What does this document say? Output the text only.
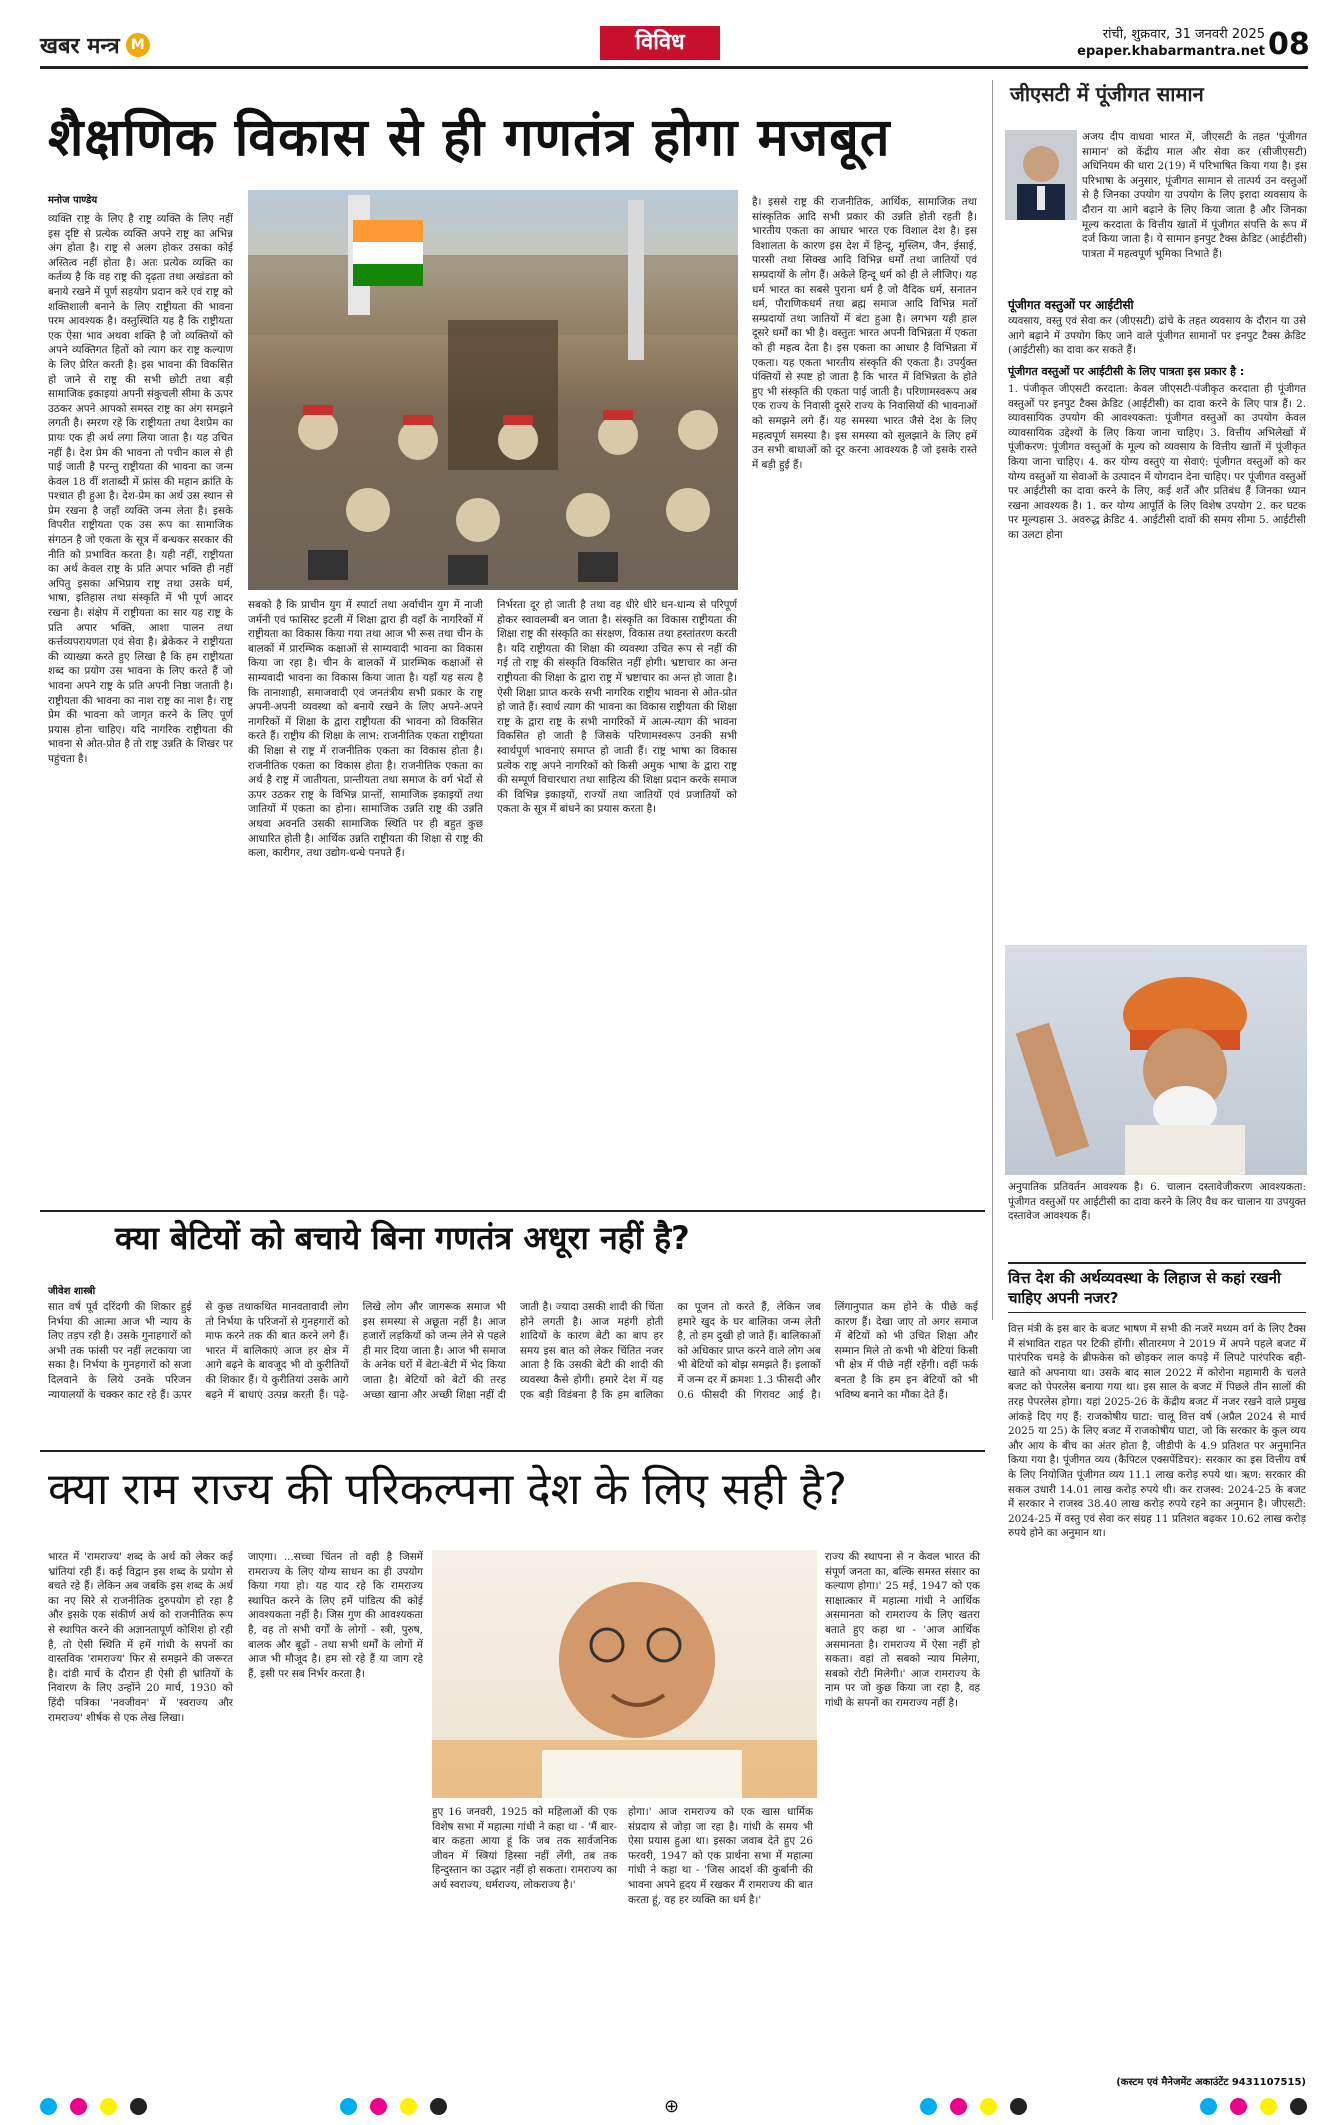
खबर मन्त्र M	विविध	रांची, शुक्रवार, 31 जनवरी 2025
epaper.khabarmantra.net 08
शैक्षणिक विकास से ही गणतंत्र होगा मजबूत
मनोज पाण्डेय
व्यक्ति राष्ट्र के लिए है राष्ट्र व्यक्ति के लिए नहीं इस दृष्टि से प्रत्येक व्यक्ति अपने राष्ट्र का अभिन्न अंग होता है। राष्ट्र से अलग होकर उसका कोई अस्तित्व नहीं होता है। अतः प्रत्येक व्यक्ति का कर्तव्य है कि वह राष्ट्र की दृढ़ता तथा अखंडता को बनाये रखने में पूर्ण सहयोग प्रदान करे एवं राष्ट्र को शक्तिशाली बनाने के लिए राष्ट्रीयता की भावना परम आवश्यक है। वस्तुस्थिति यह है कि राष्ट्रीयता एक ऐसा भाव अथवा शक्ति है जो व्यक्तियों को अपने व्यक्तिगत हितों को त्याग कर राष्ट्र कल्याण के लिए प्रेरित करती है। इस भावना की विकसित हो जाने से राष्ट्र की सभी छोटी तथा बड़ी सामाजिक इकाइयां अपनी संकुचली सीमा के ऊपर उठकर अपने आपको समस्त राष्ट्र का अंग समझने लगती है। स्मरण रहे कि राष्ट्रीयता तथा देशप्रेम का प्रायः एक ही अर्थ लगा लिया जाता है। यह उचित नहीं है। देश प्रेम की भावना तो पचीन काल से ही पाई जाती है परन्तु राष्ट्रीयता की भावना का जन्म केवल 18 वीं शताब्दी में फ्रांस की महान क्रांति के पश्चात ही हुआ है। देश-प्रेम का अर्थ उस स्थान से प्रेम रखना है जहाँ व्यक्ति जन्म लेता है। इसके विपरीत राष्ट्रीयता एक उस रूप का सामाजिक संगठन है जो एकता के सूत्र में बन्धकर सरकार की नीति को प्रभावित करता है। यही नहीं, राष्ट्रीयता का अर्थ केवल राष्ट्र के प्रति अपार भक्ति ही नहीं अपितु इसका अभिप्राय राष्ट्र तथा उसके धर्म, भाषा, इतिहास तथा संस्कृति में भी पूर्ण आदर रखना है। संक्षेप में राष्ट्रीयता का सार यह राष्ट्र के प्रति अपार भक्ति, आशा पालन तथा कर्त्तव्यपरायणता एवं सेवा है। ब्रेकेकर ने राष्ट्रीयता की व्याख्या करते हुए लिखा है कि हम राष्ट्रीयता शब्द का प्रयोग उस भावना के लिए करते हैं जो भावना अपने राष्ट्र के प्रति अपनी निष्ठा जताती है। राष्ट्रीयता की भावना का नाश राष्ट्र का नाश है। राष्ट्र प्रेम की भावना को जागृत करने के लिए पूर्ण प्रयास होना चाहिए। यदि नागरिक राष्ट्रीयता की भावना से ओत-प्रोत है तो राष्ट्र उन्नति के शिखर पर पहुंचता है।
सबको है कि प्राचीन युग में स्पार्टा तथा अर्वाचीन युग में नाजी जर्मनी एवं फासिस्ट इटली में शिक्षा द्वारा ही वहाँ के नागरिकों में राष्ट्रीयता का विकास किया गया तथा आज भी रूस तथा चीन के बालकों में प्रारम्भिक कक्षाओं से साम्यवादी भावना का विकास किया जा रहा है। चीन के बालकों में प्रारम्भिक कक्षाओं से साम्यवादी भावना का विकास किया जाता है। यहाँ यह सत्य है कि तानाशाही, समाजवादी एवं जनतंत्रीय सभी प्रकार के राष्ट्र अपनी-अपनी व्यवस्था को बनाये रखने के लिए अपने-अपने नागरिकों में शिक्षा के द्वारा राष्ट्रीयता की भावना को विकसित करते हैं। राष्ट्रीय की शिक्षा के लाभ: राजनीतिक एकता राष्ट्रीयता की शिक्षा से राष्ट्र में राजनीतिक एकता का विकास होता है। राजनीतिक एकता का विकास होता है। राजनीतिक एकता का अर्थ है राष्ट्र में जातीयता, प्रान्तीयता तथा समाज के वर्ग भेदों से ऊपर उठकर राष्ट्र के विभिन्न प्रान्तों, सामाजिक इकाइयों तथा जातियों में एकता का होना। सामाजिक उन्नति राष्ट्र की उन्नति अथवा अवनति उसकी सामाजिक स्थिति पर ही बहुत कुछ आधारित होती है। आर्थिक उन्नति राष्ट्रीयता की शिक्षा से राष्ट्र की कला, कारीगर, तथा उद्योग-धन्धे पनपते हैं।
निर्भरता दूर हो जाती है तथा वह धीरे धीरे धन-धान्य से परिपूर्ण होकर स्वावलम्बी बन जाता है। संस्कृति का विकास राष्ट्रीयता की शिक्षा राष्ट्र की संस्कृति का संरक्षण, विकास तथा हस्तांतरण करती है। यदि राष्ट्रीयता की शिक्षा की व्यवस्था उचित रूप से नहीं की गई तो राष्ट्र की संस्कृति विकसित नहीं होगी। भ्रष्टाचार का अन्त राष्ट्रीयता की शिक्षा के द्वारा राष्ट्र में भ्रष्टाचार का अन्त हो जाता है। ऐसी शिक्षा प्राप्त करके सभी नागरिक राष्ट्रीय भावना से ओत-प्रोत हो जाते हैं। स्वार्थ त्याग की भावना का विकास राष्ट्रीयता की शिक्षा राष्ट्र के द्वारा राष्ट्र के सभी नागरिकों में आत्म-त्याग की भावना विकसित हो जाती है जिसके परिणामस्वरूप उनकी सभी स्वार्थपूर्ण भावनाएं समाप्त हो जाती हैं। राष्ट्र भाषा का विकास प्रत्येक राष्ट्र अपने नागरिकों को किसी अमुक भाषा के द्वारा राष्ट्र की सम्पूर्ण विचारधारा तथा साहित्य की शिक्षा प्रदान करके समाज की विभिन्न इकाइयों, राज्यों तथा जातियों एवं प्रजातियों को एकता के सूत्र में बांधने का प्रयास करता है।
है। इससे राष्ट्र की राजनीतिक, आर्थिक, सामाजिक तथा सांस्कृतिक आदि सभी प्रकार की उन्नति होती रहती है। भारतीय एकता का आधार भारत एक विशाल देश है। इस विशालता के कारण इस देश में हिन्दू, मुस्लिम, जैन, ईसाई, पारसी तथा सिक्ख आदि विभिन्न धर्मों तथा जातियों एवं सम्प्रदायों के लोग हैं। अकेले हिन्दू धर्म को ही ले लीजिए। यह धर्म भारत का सबसे पुराना धर्म है जो वैदिक धर्म, सनातन धर्म, पौराणिकधर्म तथा ब्रह्म समाज आदि विभिन्न मतों सम्प्रदायों तथा जातियों में बंटा हुआ है। लगभग यही हाल दूसरे धर्मों का भी है। वस्तुतः भारत अपनी विभिन्नता में एकता को ही महत्व देता है। इस एकता का आधार है विभिन्नता में एकता। यह एकता भारतीय संस्कृति की एकता है। उपर्युक्त पंक्तियों से स्पष्ट हो जाता है कि भारत में विभिन्नता के होते हुए भी संस्कृति की एकता पाई जाती है। परिणामस्वरूप अब एक राज्य के निवासी दूसरे राज्य के निवासियों की भावनाओं को समझने लगे हैं। यह समस्या भारत जैसे देश के लिए महत्वपूर्ण समस्या है। इस समस्या को सुलझाने के लिए हमें उन सभी बाधाओं को दूर करना आवश्यक है जो इसके रास्ते में बड़ी हुई हैं।
जीएसटी में पूंजीगत सामान
अजय दीप वाधवा भारत में, जीएसटी के तहत 'पूंजीगत सामान' को केंद्रीय माल और सेवा कर (सीजीएसटी) अधिनियम की धारा 2(19) में परिभाषित किया गया है। इस परिभाषा के अनुसार, पूंजीगत सामान से तात्पर्य उन वस्तुओं से है जिनका उपयोग या उपयोग के लिए इरादा व्यवसाय के दौरान या आगे बढ़ाने के लिए किया जाता है और जिनका मूल्य करदाता के वित्तीय खातों में पूंजीगत संपत्ति के रूप में दर्ज किया जाता है। ये सामान इनपुट टैक्स क्रेडिट (आईटीसी) पात्रता में महत्वपूर्ण भूमिका निभाते हैं।
पूंजीगत वस्तुओं पर आईटीसी
व्यवसाय, वस्तु एवं सेवा कर (जीएसटी) ढांचे के तहत व्यवसाय के दौरान या उसे आगे बढ़ाने में उपयोग किए जाने वाले पूंजीगत सामानों पर इनपुट टैक्स क्रेडिट (आईटीसी) का दावा कर सकते हैं।
पूंजीगत वस्तुओं पर आईटीसी के लिए पात्रता इस प्रकार है :
1. पंजीकृत जीएसटी करदाता: केवल जीएसटी-पंजीकृत करदाता ही पूंजीगत वस्तुओं पर इनपुट टैक्स क्रेडिट (आईटीसी) का दावा करने के लिए पात्र हैं। 2. व्यावसायिक उपयोग की आवश्यकता: पूंजीगत वस्तुओं का उपयोग केवल व्यावसायिक उद्देश्यों के लिए किया जाना चाहिए। 3. वित्तीय अभिलेखों में पूंजीकरण: पूंजीगत वस्तुओं के मूल्य को व्यवसाय के वित्तीय खातों में पूंजीकृत किया जाना चाहिए। 4. कर योग्य वस्तुएं या सेवाएं: पूंजीगत वस्तुओं को कर योग्य वस्तुओं या सेवाओं के उत्पादन में योगदान देना चाहिए। पर पूंजीगत वस्तुओं पर आईटीसी का दावा करने के लिए, कई शर्तें और प्रतिबंध हैं जिनका ध्यान रखना आवश्यक है। 1. कर योग्य आपूर्ति के लिए विशेष उपयोग 2. कर घटक पर मूल्यहास 3. अवरुद्ध क्रेडिट 4. आईटीसी दावों की समय सीमा 5. आईटीसी का उलटा होना
अनुपातिक प्रतिवर्तन आवश्यक है। 6. चालान दस्तावेजीकरण आवश्यकता: पूंजीगत वस्तुओं पर आईटीसी का दावा करने के लिए वैध कर चालान या उपयुक्त दस्तावेज आवश्यक हैं।
वित्त देश की अर्थव्यवस्था के लिहाज से कहां रखनी चाहिए अपनी नजर?
वित्त मंत्री के इस बार के बजट भाषण में सभी की नजरें मध्यम वर्ग के लिए टैक्स में संभावित राहत पर टिकी होंगी। सीतारमण ने 2019 में अपने पहले बजट में पारंपरिक चमड़े के ब्रीफकेस को छोड़कर लाल कपड़े में लिपटे पारंपरिक बही-खाते को अपनाया था। उसके बाद साल 2022 में कोरोना महामारी के चलते बजट को पेपरलेस बनाया गया था। इस साल के बजट में पिछले तीन सालों की तरह पेपरलेस होगा। यहां 2025-26 के केंद्रीय बजट में नजर रखने वाले प्रमुख आंकड़े दिए गए हैं: राजकोषीय घाटा: चालू वित्त वर्ष (अप्रैल 2024 से मार्च 2025 या 25) के लिए बजट में राजकोषीय घाटा, जो कि सरकार के कुल व्यय और आय के बीच का अंतर होता है, जीडीपी के 4.9 प्रतिशत पर अनुमानित किया गया है। पूंजीगत व्यय (कैपिटल एक्सपेंडिचर): सरकार का इस वित्तीय वर्ष के लिए नियोजित पूंजीगत व्यय 11.1 लाख करोड़ रुपये था। ऋण: सरकार की सकल उधारी 14.01 लाख करोड़ रुपये थी। कर राजस्व: 2024-25 के बजट में सरकार ने राजस्व 38.40 लाख करोड़ रुपये रहने का अनुमान है। जीएसटी: 2024-25 में वस्तु एवं सेवा कर संग्रह 11 प्रतिशत बढ़कर 10.62 लाख करोड़ रुपये होने का अनुमान था।
(कस्टम एवं मैनेजमेंट अकाउंटेंट 9431107515)
क्या बेटियों को बचाये बिना गणतंत्र अधूरा नहीं है?
जीवेश शास्त्री
सात वर्ष पूर्व दरिंदगी की शिकार हुई निर्भया की आत्मा आज भी न्याय के लिए तड़प रही है। उसके गुनाहगारों को अभी तक फांसी पर नहीं लटकाया जा सका है। निर्भया के गुनहगारों को सजा दिलवाने के लिये उनके परिजन न्यायालयों के चक्कर काट रहे हैं। ऊपर से कुछ तथाकथित मानवतावादी लोग तो निर्भया के परिजनों से गुनहगारों को माफ करने तक की बात करने लगे हैं। भारत में बालिकाएं आज हर क्षेत्र में आगे बढ़ने के बावजूद भी वो कुरीतियों की शिकार हैं। ये कुरीतियां उसके आगे बढ़ने में बाधाएं उत्पन्न करती हैं। पढ़े-लिखे लोग और जागरूक समाज भी इस समस्या से अछूता नहीं है। आज हजारों लड़कियों को जन्म लेने से पहले ही मार दिया जाता है। आज भी समाज के अनेक घरों में बेटा-बेटी में भेद किया जाता है। बेटियों को बेटों की तरह अच्छा खाना और अच्छी शिक्षा नहीं दी जाती है। ज्यादा उसकी शादी की चिंता होने लगती है। आज महंगी होती शादियों के कारण बेटी का बाप हर समय इस बात को लेकर चिंतित नजर आता है कि उसकी बेटी की शादी की व्यवस्था कैसे होगी। हमारे देश में यह एक बड़ी विडंबना है कि हम बालिका का पूजन तो करते हैं, लेकिन जब हमारे खुद के घर बालिका जन्म लेती है, तो हम दुखी हो जाते हैं। बालिकाओं को अधिकार प्राप्त करने वाले लोग अब भी बेटियों को बोझ समझते हैं। इलाकों में जन्म दर में क्रमशः 1.3 फीसदी और 0.6 फीसदी की गिरावट आई है। लिंगानुपात कम होने के पीछे कई कारण हैं। देखा जाए तो अगर समाज में बेटियों को भी उचित शिक्षा और सम्मान मिले तो कभी भी बेटियां किसी भी क्षेत्र में पीछे नहीं रहेंगी। वहीं फर्क बनता है कि हम इन बेटियों को भी भविष्य बनाने का मौका देते हैं।
क्या राम राज्य की परिकल्पना देश के लिए सही है?
भारत में 'रामराज्य' शब्द के अर्थ को लेकर कई भ्रांतियां रही हैं। कई विद्वान इस शब्द के प्रयोग से बचते रहे हैं। लेकिन अब जबकि इस शब्द के अर्थ का नए सिरे से राजनीतिक दुरुपयोग हो रहा है और इसके एक संकीर्ण अर्थ को राजनीतिक रूप से स्थापित करने की अज्ञानतापूर्ण कोशिश हो रही है, तो ऐसी स्थिति में हमें गांधी के सपनों का वास्तविक 'रामराज्य' फिर से समझने की जरूरत है। दांडी मार्च के दौरान ही ऐसी ही भ्रांतियों के निवारण के लिए उन्होंने 20 मार्च, 1930 को हिंदी पत्रिका 'नवजीवन' में 'स्वराज्य और रामराज्य' शीर्षक से एक लेख लिखा।
जाएगा। ...सच्चा चिंतन तो वही है जिसमें रामराज्य के लिए योग्य साधन का ही उपयोग किया गया हो। यह याद रहे कि रामराज्य स्थापित करने के लिए हमें पांडित्य की कोई आवश्यकता नहीं है। जिस गुण की आवश्यकता है, वह तो सभी वर्गों के लोगों - स्त्री, पुरुष, बालक और बूढ़ों - तथा सभी धर्मों के लोगों में आज भी मौजूद है। हम सो रहे हैं या जाग रहे हैं, इसी पर सब निर्भर करता है।
हुए 16 जनवरी, 1925 को महिलाओं की एक विशेष सभा में महात्मा गांधी ने कहा था - 'मैं बार-बार कहता आया हूं कि जब तक सार्वजनिक जीवन में स्त्रियां हिस्सा नहीं लेंगी, तब तक हिन्दुस्तान का उद्धार नहीं हो सकता। रामराज्य का अर्थ स्वराज्य, धर्मराज्य, लोकराज्य है।'
होगा।' आज रामराज्य को एक खास धार्मिक संप्रदाय से जोड़ा जा रहा है। गांधी के समय भी ऐसा प्रयास हुआ था। इसका जवाब देते हुए 26 फरवरी, 1947 को एक प्रार्थना सभा में महात्मा गांधी ने कहा था - 'जिस आदर्श की कुर्बानी की भावना अपने हृदय में रखकर मैं रामराज्य की बात करता हूं, वह हर व्यक्ति का धर्म है।'
राज्य की स्थापना से न केवल भारत की संपूर्ण जनता का, बल्कि समस्त संसार का कल्याण होगा।' 25 मई, 1947 को एक साक्षात्कार में महात्मा गांधी ने आर्थिक असमानता को रामराज्य के लिए खतरा बताते हुए कहा था - 'आज आर्थिक असमानता है। रामराज्य में ऐसा नहीं हो सकता। वहां तो सबको न्याय मिलेगा, सबको रोटी मिलेगी।' आज रामराज्य के नाम पर जो कुछ किया जा रहा है, वह गांधी के सपनों का रामराज्य नहीं है।
⊕
